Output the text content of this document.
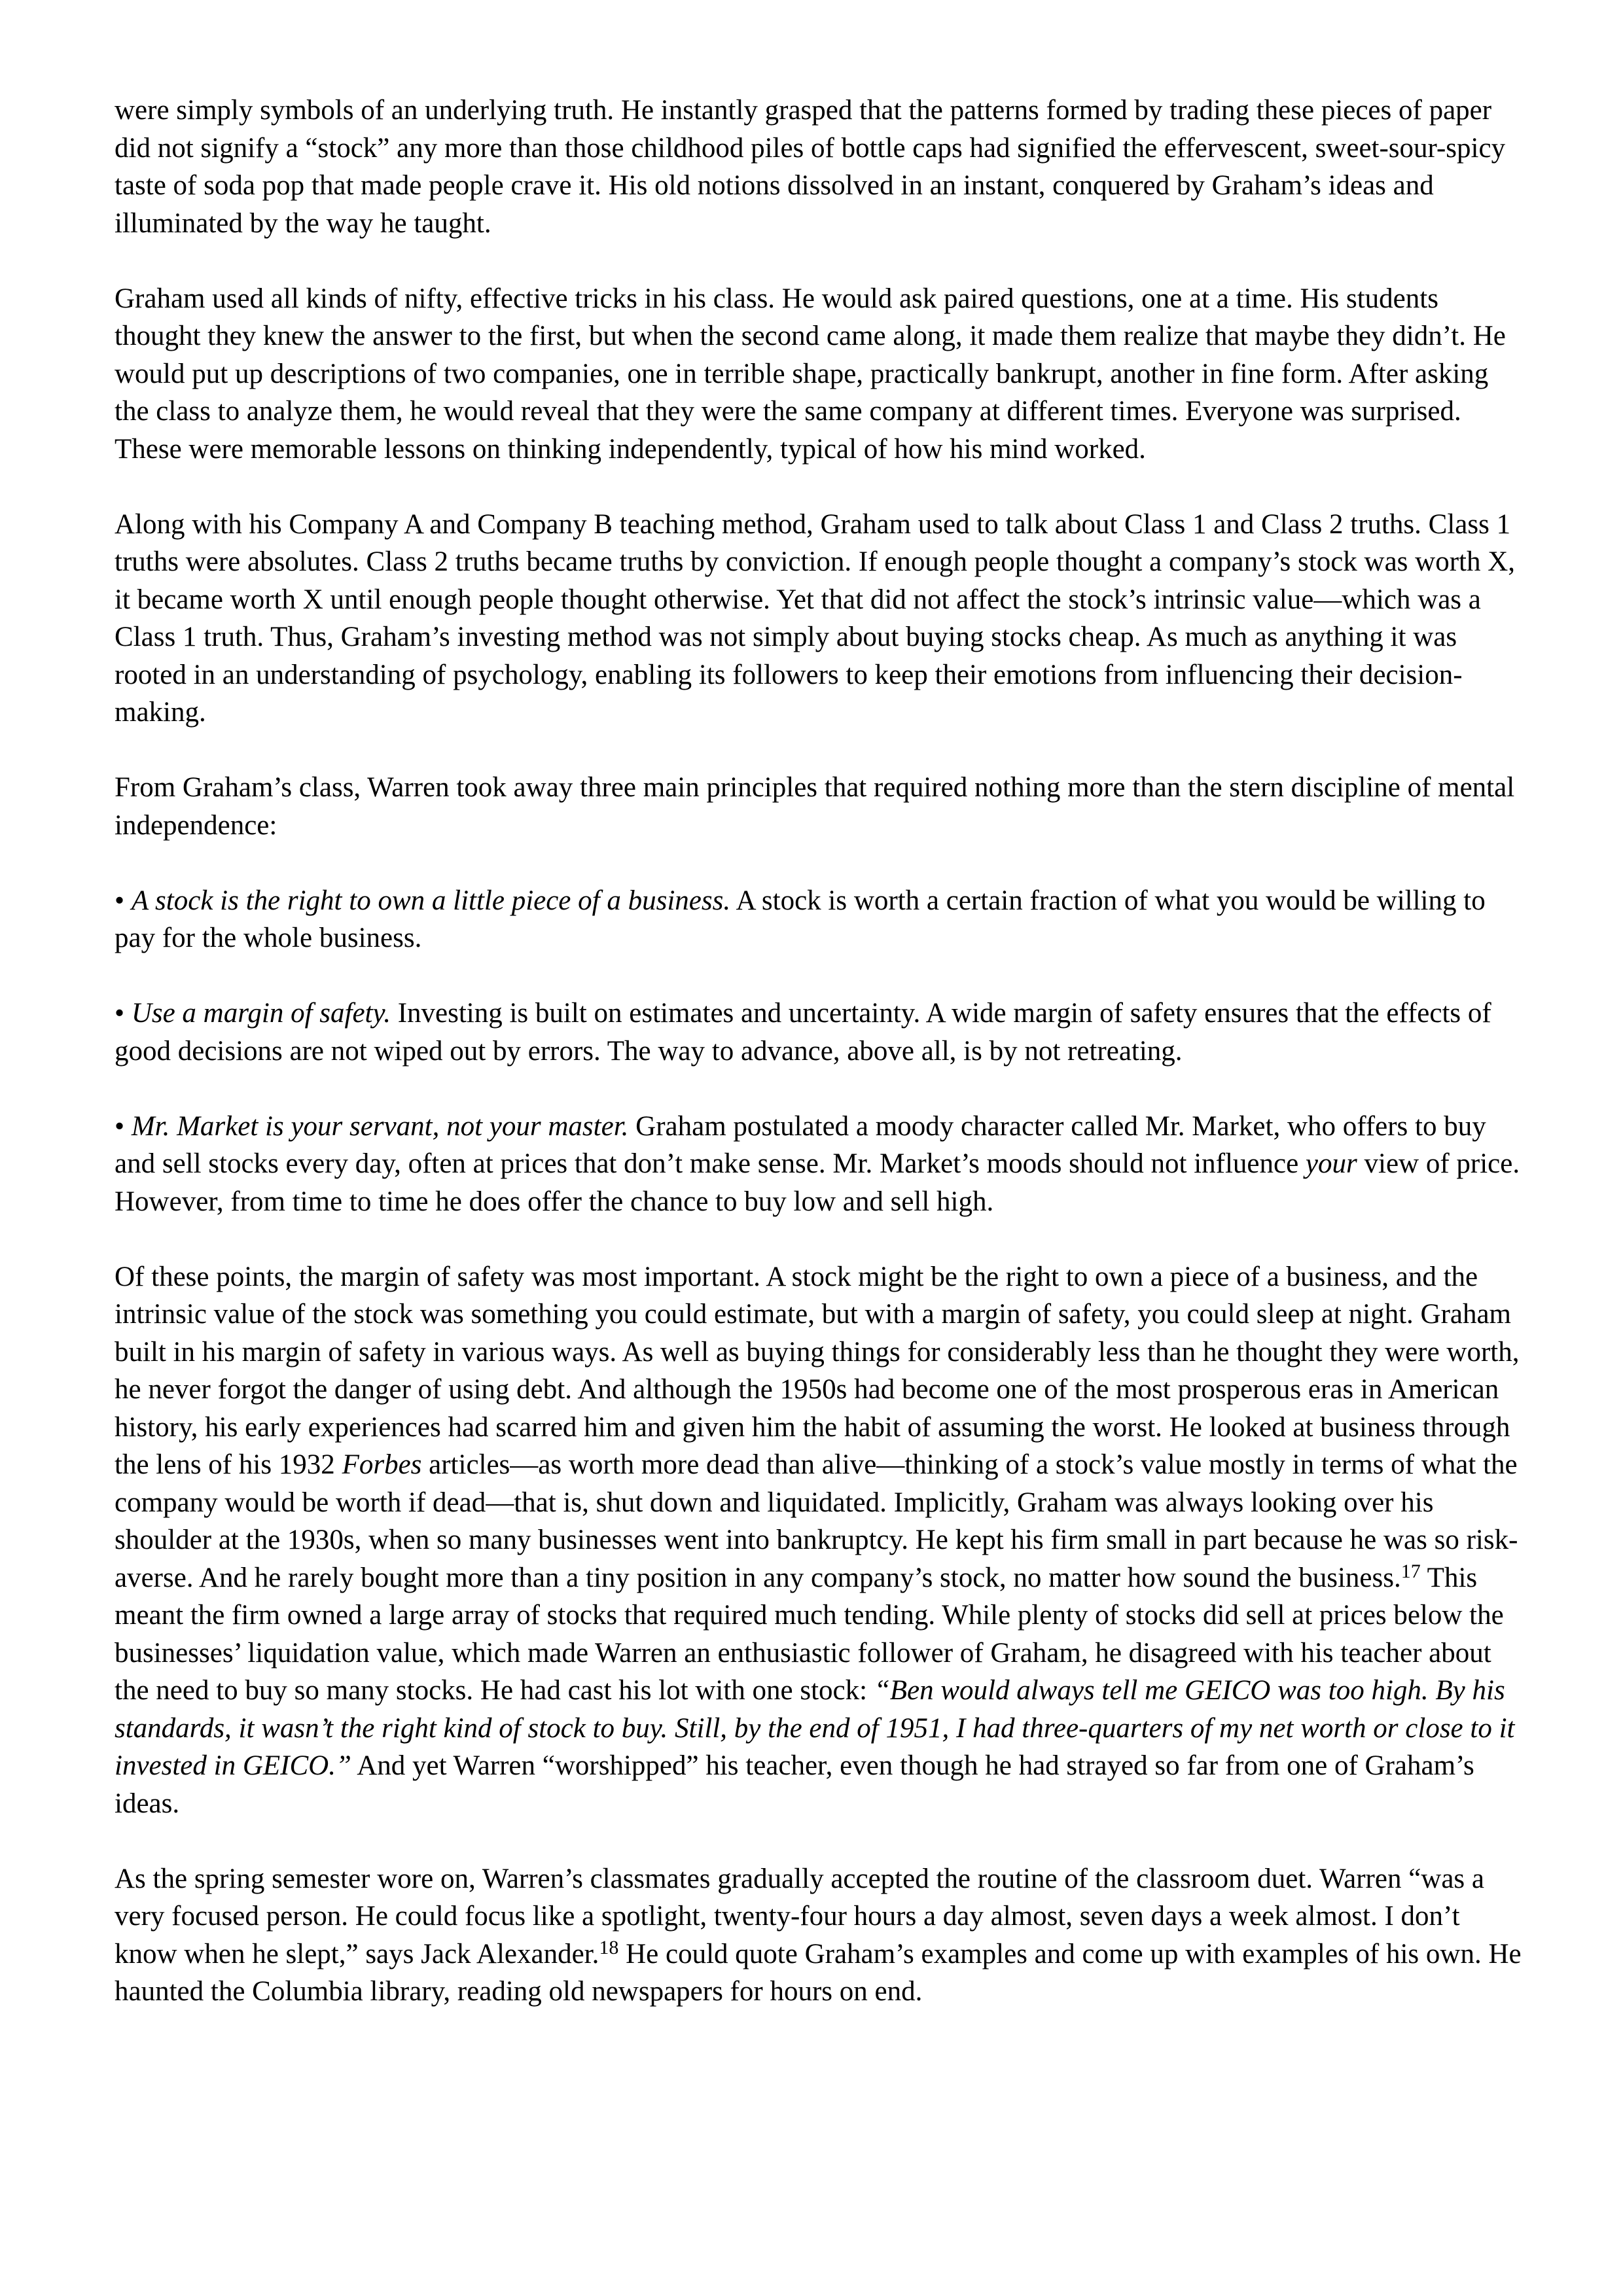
were simply symbols of an underlying truth. He instantly grasped that the patterns formed by trading these pieces of paper did not signify a “stock” any more than those childhood piles of bottle caps had signified the effervescent, sweet-sour-spicy taste of soda pop that made people crave it. His old notions dissolved in an instant, conquered by Graham’s ideas and illuminated by the way he taught.

Graham used all kinds of nifty, effective tricks in his class. He would ask paired questions, one at a time. His students thought they knew the answer to the first, but when the second came along, it made them realize that maybe they didn’t. He would put up descriptions of two companies, one in terrible shape, practically bankrupt, another in fine form. After asking the class to analyze them, he would reveal that they were the same company at different times. Everyone was surprised. These were memorable lessons on thinking independently, typical of how his mind worked.

Along with his Company A and Company B teaching method, Graham used to talk about Class 1 and Class 2 truths. Class 1 truths were absolutes. Class 2 truths became truths by conviction. If enough people thought a company’s stock was worth X, it became worth X until enough people thought otherwise. Yet that did not affect the stock’s intrinsic value—which was a Class 1 truth. Thus, Graham’s investing method was not simply about buying stocks cheap. As much as anything it was rooted in an understanding of psychology, enabling its followers to keep their emotions from influencing their decision-making.

From Graham’s class, Warren took away three main principles that required nothing more than the stern discipline of mental independence:

• A stock is the right to own a little piece of a business. A stock is worth a certain fraction of what you would be willing to pay for the whole business.

• Use a margin of safety. Investing is built on estimates and uncertainty. A wide margin of safety ensures that the effects of good decisions are not wiped out by errors. The way to advance, above all, is by not retreating.

• Mr. Market is your servant, not your master. Graham postulated a moody character called Mr. Market, who offers to buy and sell stocks every day, often at prices that don’t make sense. Mr. Market’s moods should not influence your view of price. However, from time to time he does offer the chance to buy low and sell high.

Of these points, the margin of safety was most important. A stock might be the right to own a piece of a business, and the intrinsic value of the stock was something you could estimate, but with a margin of safety, you could sleep at night. Graham built in his margin of safety in various ways. As well as buying things for considerably less than he thought they were worth, he never forgot the danger of using debt. And although the 1950s had become one of the most prosperous eras in American history, his early experiences had scarred him and given him the habit of assuming the worst. He looked at business through the lens of his 1932 Forbes articles—as worth more dead than alive—thinking of a stock’s value mostly in terms of what the company would be worth if dead—that is, shut down and liquidated. Implicitly, Graham was always looking over his shoulder at the 1930s, when so many businesses went into bankruptcy. He kept his firm small in part because he was so risk-averse. And he rarely bought more than a tiny position in any company’s stock, no matter how sound the business.$^{17}$ This meant the firm owned a large array of stocks that required much tending. While plenty of stocks did sell at prices below the businesses’ liquidation value, which made Warren an enthusiastic follower of Graham, he disagreed with his teacher about the need to buy so many stocks. He had cast his lot with one stock: “Ben would always tell me GEICO was too high. By his standards, it wasn’t the right kind of stock to buy. Still, by the end of 1951, I had three-quarters of my net worth or close to it invested in GEICO.” And yet Warren “worshipped” his teacher, even though he had strayed so far from one of Graham’s ideas.

As the spring semester wore on, Warren’s classmates gradually accepted the routine of the classroom duet. Warren “was a very focused person. He could focus like a spotlight, twenty-four hours a day almost, seven days a week almost. I don’t know when he slept,” says Jack Alexander.$^{18}$ He could quote Graham’s examples and come up with examples of his own. He haunted the Columbia library, reading old newspapers for hours on end.
